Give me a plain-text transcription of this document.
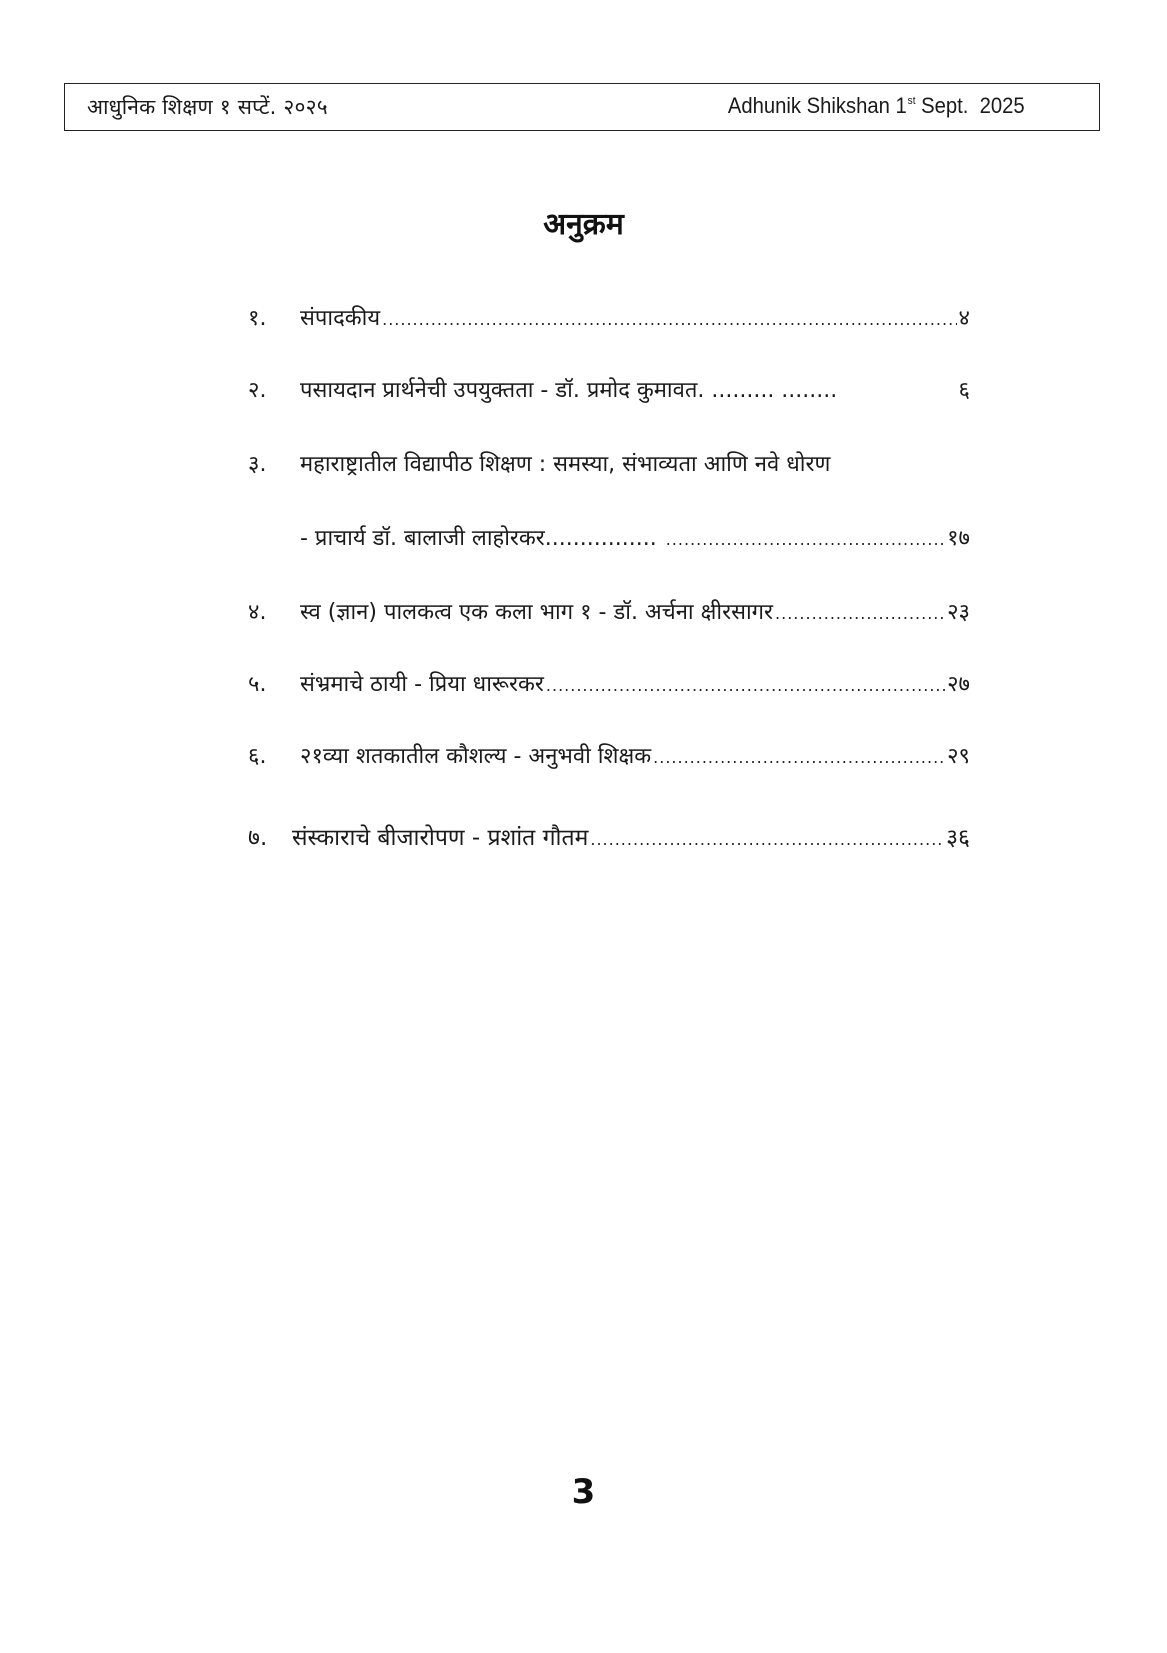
आधुनिक शिक्षण १ सप्टें. २०२५	Adhunik Shikshan 1st Sept.  2025
अनुक्रम
१.	संपादकीय .....	४
२.	पसायदान प्रार्थनेची उपयुक्तता - डॉ. प्रमोद कुमावत. ......... ........	६
३.	महाराष्ट्रातील विद्यापीठ शिक्षण : समस्या, संभाव्यता आणि नवे धोरण
- प्राचार्य डॉ. बालाजी लाहोरकर................ .....	१७
४.	स्व (ज्ञान) पालकत्व एक कला भाग १ - डॉ. अर्चना क्षीरसागर .....	२३
५.	संभ्रमाचे ठायी - प्रिया धारूरकर .....	२७
६.	२१व्या शतकातील कौशल्य - अनुभवी शिक्षक .....	२९
७.	संस्काराचे बीजारोपण - प्रशांत गौतम .....	३६
3
